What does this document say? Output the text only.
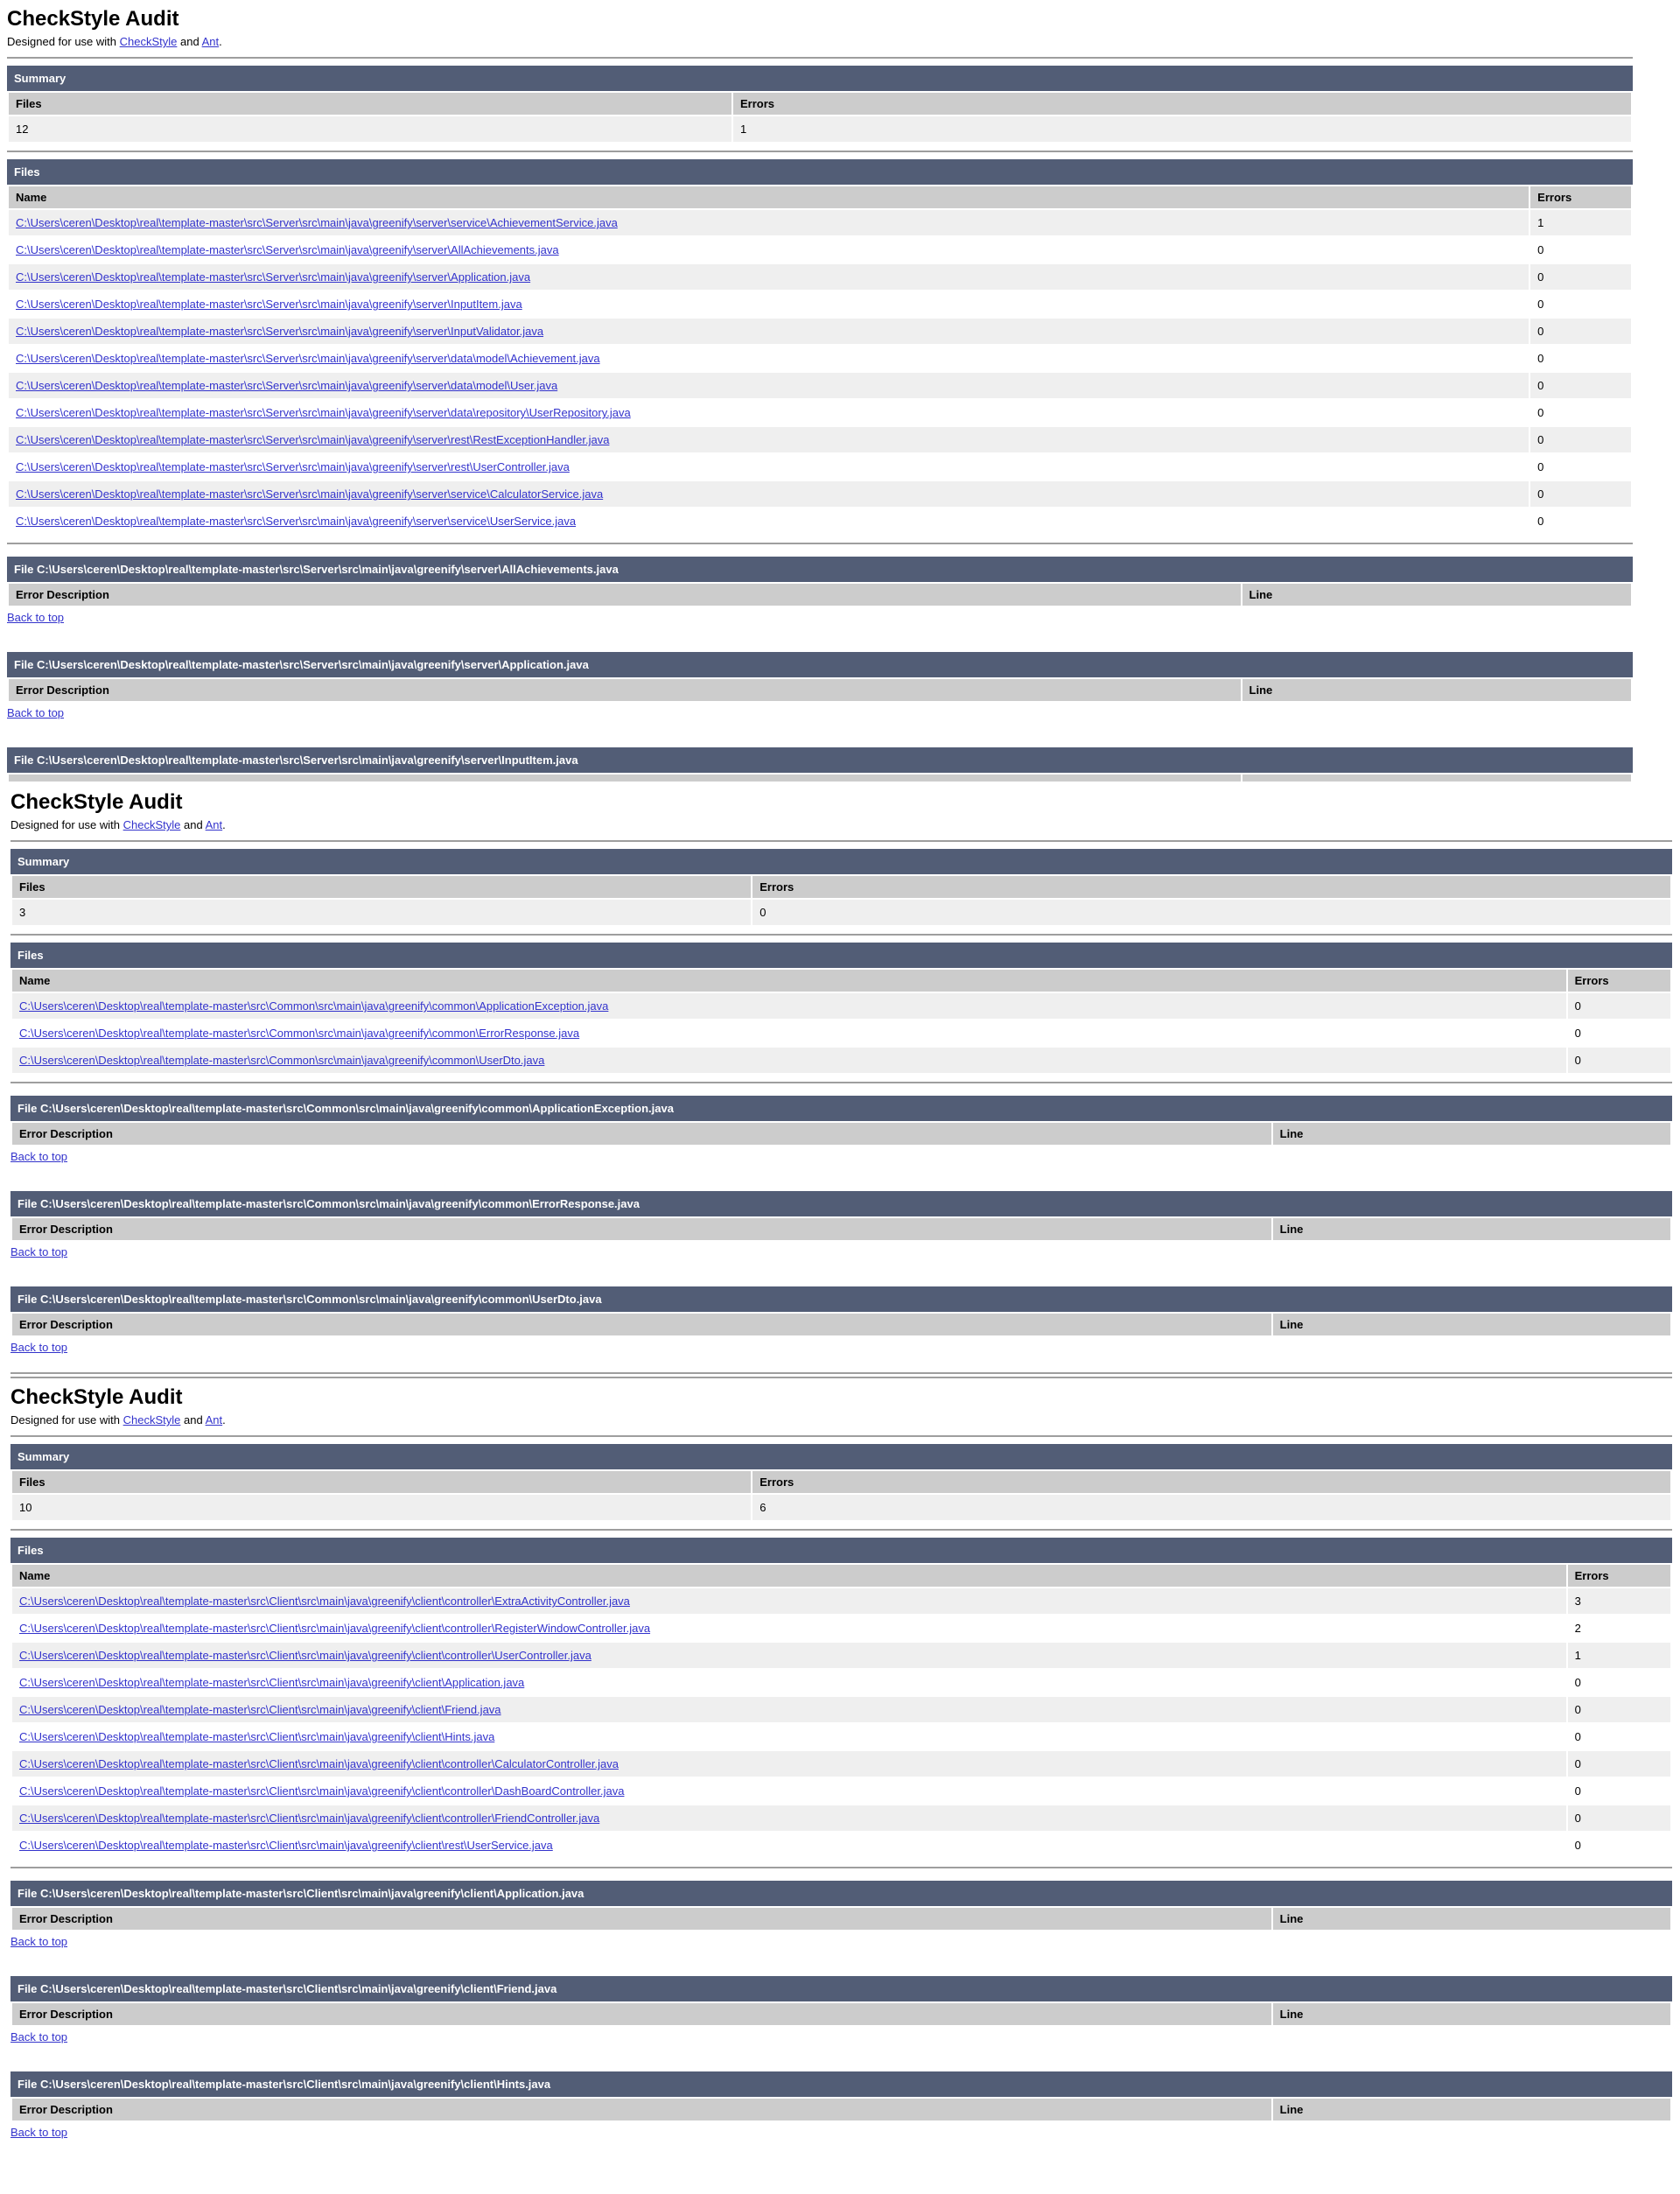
CheckStyle Audit

Designed for use with CheckStyle and Ant.

Summary
Files	Errors
12	1
Files
Name	Errors
C:\Users\ceren\Desktop\real\template-master\src\Server\src\main\java\greenify\server\service\AchievementService.java	1
C:\Users\ceren\Desktop\real\template-master\src\Server\src\main\java\greenify\server\AllAchievements.java	0
C:\Users\ceren\Desktop\real\template-master\src\Server\src\main\java\greenify\server\Application.java	0
C:\Users\ceren\Desktop\real\template-master\src\Server\src\main\java\greenify\server\InputItem.java	0
C:\Users\ceren\Desktop\real\template-master\src\Server\src\main\java\greenify\server\InputValidator.java	0
C:\Users\ceren\Desktop\real\template-master\src\Server\src\main\java\greenify\server\data\model\Achievement.java	0
C:\Users\ceren\Desktop\real\template-master\src\Server\src\main\java\greenify\server\data\model\User.java	0
C:\Users\ceren\Desktop\real\template-master\src\Server\src\main\java\greenify\server\data\repository\UserRepository.java	0
C:\Users\ceren\Desktop\real\template-master\src\Server\src\main\java\greenify\server\rest\RestExceptionHandler.java	0
C:\Users\ceren\Desktop\real\template-master\src\Server\src\main\java\greenify\server\rest\UserController.java	0
C:\Users\ceren\Desktop\real\template-master\src\Server\src\main\java\greenify\server\service\CalculatorService.java	0
C:\Users\ceren\Desktop\real\template-master\src\Server\src\main\java\greenify\server\service\UserService.java	0
File C:\Users\ceren\Desktop\real\template-master\src\Server\src\main\java\greenify\server\AllAchievements.java
Error Description	Line
Back to top
File C:\Users\ceren\Desktop\real\template-master\src\Server\src\main\java\greenify\server\Application.java
Error Description	Line
Back to top
File C:\Users\ceren\Desktop\real\template-master\src\Server\src\main\java\greenify\server\InputItem.java

CheckStyle Audit

Designed for use with CheckStyle and Ant.

Summary
Files	Errors
3	0
Files
Name	Errors
C:\Users\ceren\Desktop\real\template-master\src\Common\src\main\java\greenify\common\ApplicationException.java	0
C:\Users\ceren\Desktop\real\template-master\src\Common\src\main\java\greenify\common\ErrorResponse.java	0
C:\Users\ceren\Desktop\real\template-master\src\Common\src\main\java\greenify\common\UserDto.java	0
File C:\Users\ceren\Desktop\real\template-master\src\Common\src\main\java\greenify\common\ApplicationException.java
Error Description	Line
Back to top
File C:\Users\ceren\Desktop\real\template-master\src\Common\src\main\java\greenify\common\ErrorResponse.java
Error Description	Line
Back to top
File C:\Users\ceren\Desktop\real\template-master\src\Common\src\main\java\greenify\common\UserDto.java
Error Description	Line
Back to top
CheckStyle Audit

Designed for use with CheckStyle and Ant.

Summary
Files	Errors
10	6
Files
Name	Errors
C:\Users\ceren\Desktop\real\template-master\src\Client\src\main\java\greenify\client\controller\ExtraActivityController.java	3
C:\Users\ceren\Desktop\real\template-master\src\Client\src\main\java\greenify\client\controller\RegisterWindowController.java	2
C:\Users\ceren\Desktop\real\template-master\src\Client\src\main\java\greenify\client\controller\UserController.java	1
C:\Users\ceren\Desktop\real\template-master\src\Client\src\main\java\greenify\client\Application.java	0
C:\Users\ceren\Desktop\real\template-master\src\Client\src\main\java\greenify\client\Friend.java	0
C:\Users\ceren\Desktop\real\template-master\src\Client\src\main\java\greenify\client\Hints.java	0
C:\Users\ceren\Desktop\real\template-master\src\Client\src\main\java\greenify\client\controller\CalculatorController.java	0
C:\Users\ceren\Desktop\real\template-master\src\Client\src\main\java\greenify\client\controller\DashBoardController.java	0
C:\Users\ceren\Desktop\real\template-master\src\Client\src\main\java\greenify\client\controller\FriendController.java	0
C:\Users\ceren\Desktop\real\template-master\src\Client\src\main\java\greenify\client\rest\UserService.java	0
File C:\Users\ceren\Desktop\real\template-master\src\Client\src\main\java\greenify\client\Application.java
Error Description	Line
Back to top
File C:\Users\ceren\Desktop\real\template-master\src\Client\src\main\java\greenify\client\Friend.java
Error Description	Line
Back to top
File C:\Users\ceren\Desktop\real\template-master\src\Client\src\main\java\greenify\client\Hints.java
Error Description	Line
Back to top
